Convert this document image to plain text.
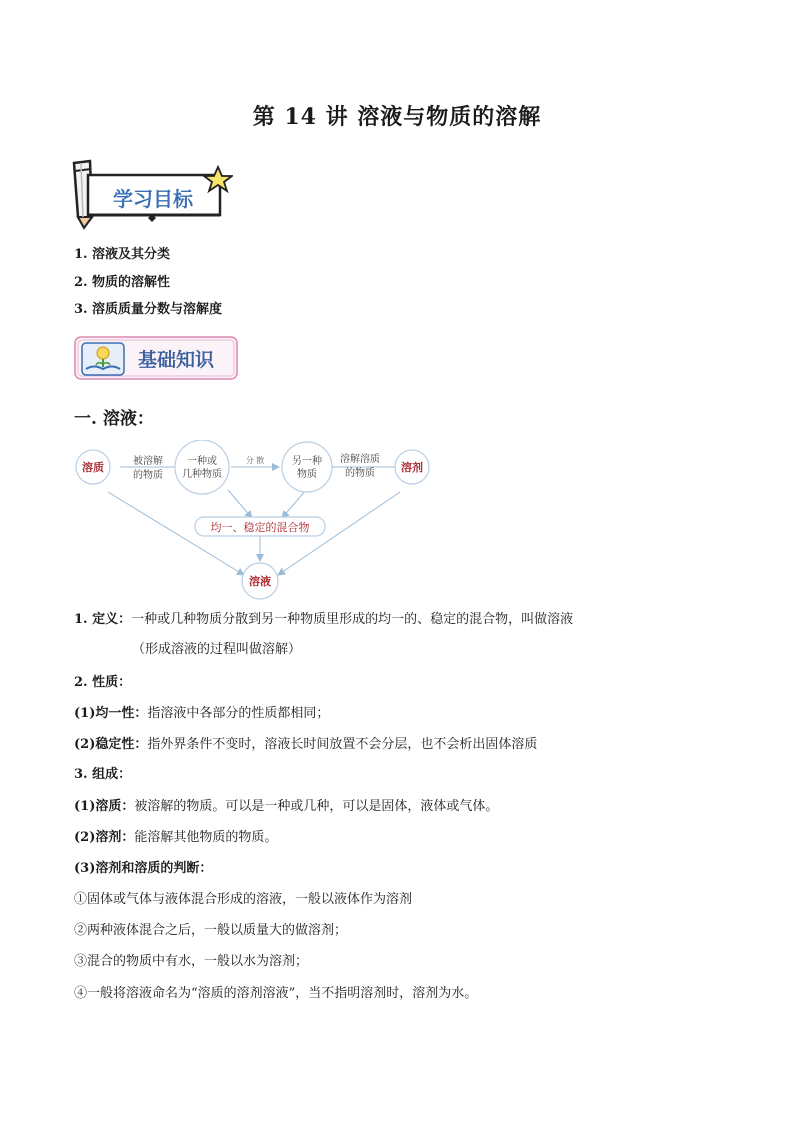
第 14 讲 溶液与物质的溶解
学习目标
1. 溶液及其分类
2. 物质的溶解性
3. 溶质质量分数与溶解度
基础知识
一. 溶液：
溶质	一种或
几种物质
另一种
物质
溶剂
溶液
均一、稳定的混合物
被溶解
的物质
分 散	溶解溶质
的物质
1. 定义：一种或几种物质分散到另一种物质里形成的均一的、稳定的混合物，叫做溶液
（形成溶液的过程叫做溶解）
2. 性质：
(1)均一性：指溶液中各部分的性质都相同；
(2)稳定性：指外界条件不变时，溶液长时间放置不会分层，也不会析出固体溶质
3. 组成：
(1)溶质：被溶解的物质。可以是一种或几种，可以是固体，液体或气体。
(2)溶剂：能溶解其他物质的物质。
(3)溶剂和溶质的判断：
①固体或气体与液体混合形成的溶液，一般以液体作为溶剂
②两种液体混合之后，一般以质量大的做溶剂；
③混合的物质中有水，一般以水为溶剂；
④一般将溶液命名为“溶质的溶剂溶液”，当不指明溶剂时，溶剂为水。
